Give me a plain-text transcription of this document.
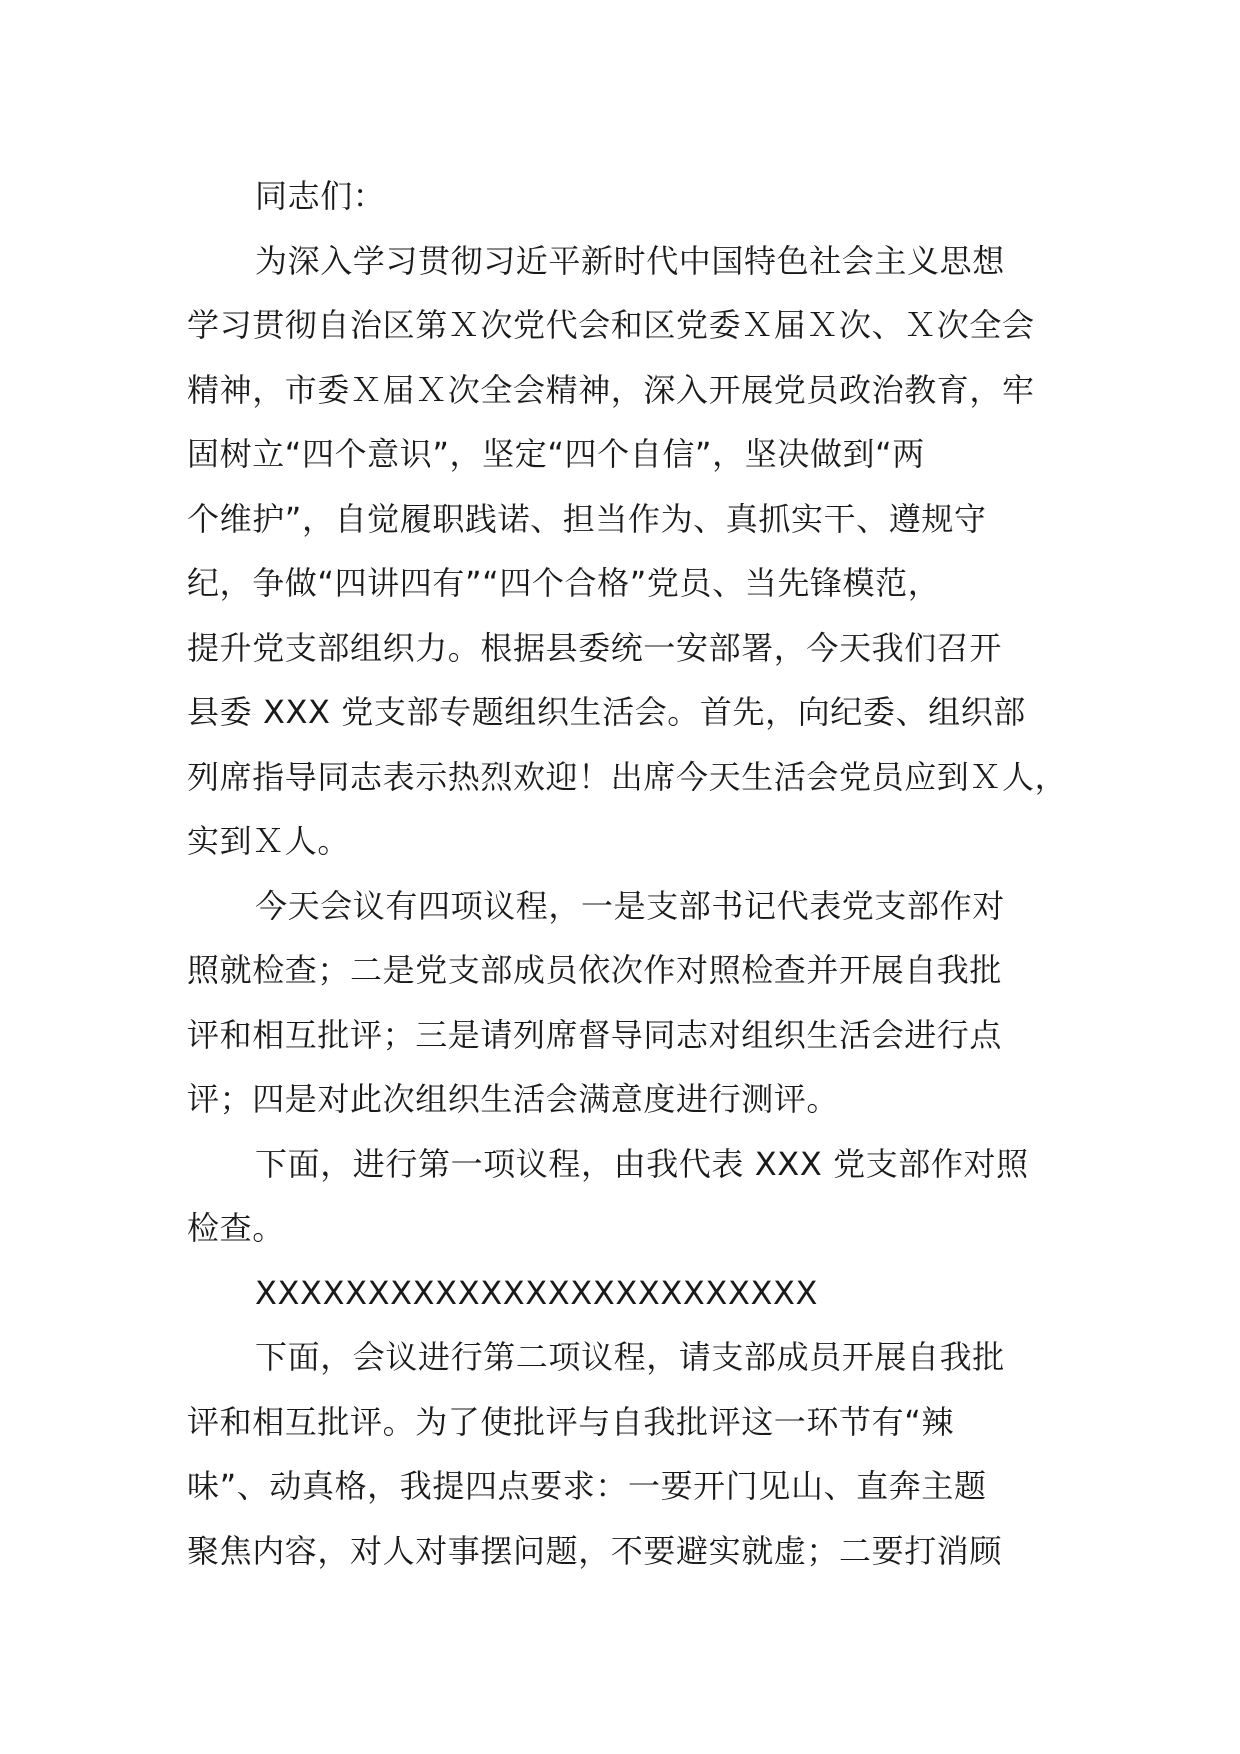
同志们：
为深入学习贯彻习近平新时代中国特色社会主义思想
学习贯彻自治区第Ｘ次党代会和区党委Ｘ届Ｘ次、Ｘ次全会
精神，市委Ｘ届Ｘ次全会精神，深入开展党员政治教育，牢
固树立“四个意识”，坚定“四个自信”，坚决做到“两
个维护”，自觉履职践诺、担当作为、真抓实干、遵规守
纪，争做“四讲四有”“四个合格”党员、当先锋模范，
提升党支部组织力。根据县委统一安部署，今天我们召开
县委 XXX 党支部专题组织生活会。首先，向纪委、组织部
列席指导同志表示热烈欢迎！出席今天生活会党员应到Ｘ人，
实到Ｘ人。
今天会议有四项议程，一是支部书记代表党支部作对
照就检查；二是党支部成员依次作对照检查并开展自我批
评和相互批评；三是请列席督导同志对组织生活会进行点
评；四是对此次组织生活会满意度进行测评。
下面，进行第一项议程，由我代表 XXX 党支部作对照
检查。
XXXXXXXXXXXXXXXXXXXXXXXXX
下面，会议进行第二项议程，请支部成员开展自我批
评和相互批评。为了使批评与自我批评这一环节有“辣
味”、动真格，我提四点要求：一要开门见山、直奔主题
聚焦内容，对人对事摆问题，不要避实就虚；二要打消顾
